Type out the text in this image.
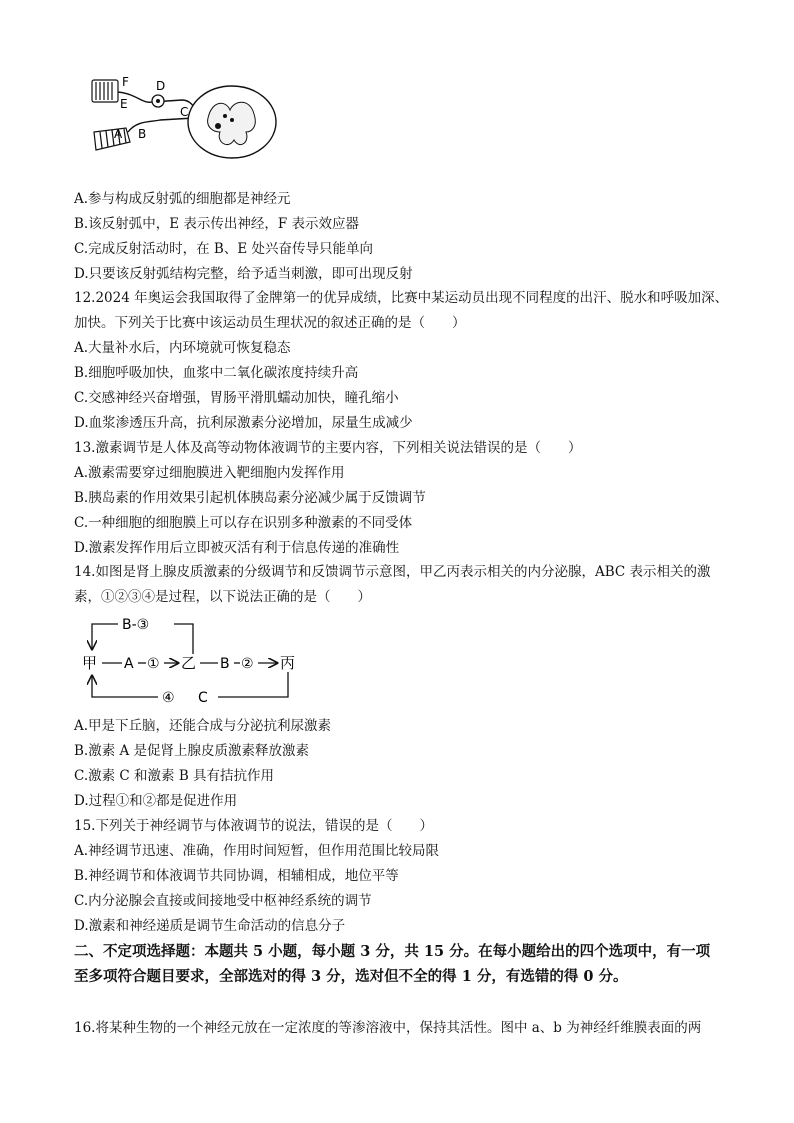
F
E
D
C
A B
A.参与构成反射弧的细胞都是神经元
B.该反射弧中，E 表示传出神经，F 表示效应器
C.完成反射活动时，在 B、E 处兴奋传导只能单向
D.只要该反射弧结构完整，给予适当刺激，即可出现反射
12.2024 年奥运会我国取得了金牌第一的优异成绩，比赛中某运动员出现不同程度的出汗、脱水和呼吸加深、加快。下列关于比赛中该运动员生理状况的叙述正确的是（　　）
A.大量补水后，内环境就可恢复稳态
B.细胞呼吸加快，血浆中二氧化碳浓度持续升高
C.交感神经兴奋增强，胃肠平滑肌蠕动加快，瞳孔缩小
D.血浆渗透压升高，抗利尿激素分泌增加，尿量生成减少
13.激素调节是人体及高等动物体液调节的主要内容，下列相关说法错误的是（　　）
A.激素需要穿过细胞膜进入靶细胞内发挥作用
B.胰岛素的作用效果引起机体胰岛素分泌减少属于反馈调节
C.一种细胞的细胞膜上可以存在识别多种激素的不同受体
D.激素发挥作用后立即被灭活有利于信息传递的准确性
14.如图是肾上腺皮质激素的分级调节和反馈调节示意图，甲乙丙表示相关的内分泌腺，ABC 表示相关的激素，①②③④是过程，以下说法正确的是（　　）
B-③
甲 A ① 乙 B ② 丙
④ C
A.甲是下丘脑，还能合成与分泌抗利尿激素
B.激素 A 是促肾上腺皮质激素释放激素
C.激素 C 和激素 B 具有拮抗作用
D.过程①和②都是促进作用
15.下列关于神经调节与体液调节的说法，错误的是（　　）
A.神经调节迅速、准确，作用时间短暂，但作用范围比较局限
B.神经调节和体液调节共同协调，相辅相成，地位平等
C.内分泌腺会直接或间接地受中枢神经系统的调节
D.激素和神经递质是调节生命活动的信息分子
二、不定项选择题：本题共 5 小题，每小题 3 分，共 15 分。在每小题给出的四个选项中，有一项至多项符合题目要求，全部选对的得 3 分，选对但不全的得 1 分，有选错的得 0 分。
16.将某种生物的一个神经元放在一定浓度的等渗溶液中，保持其活性。图中 a、b 为神经纤维膜表面的两
